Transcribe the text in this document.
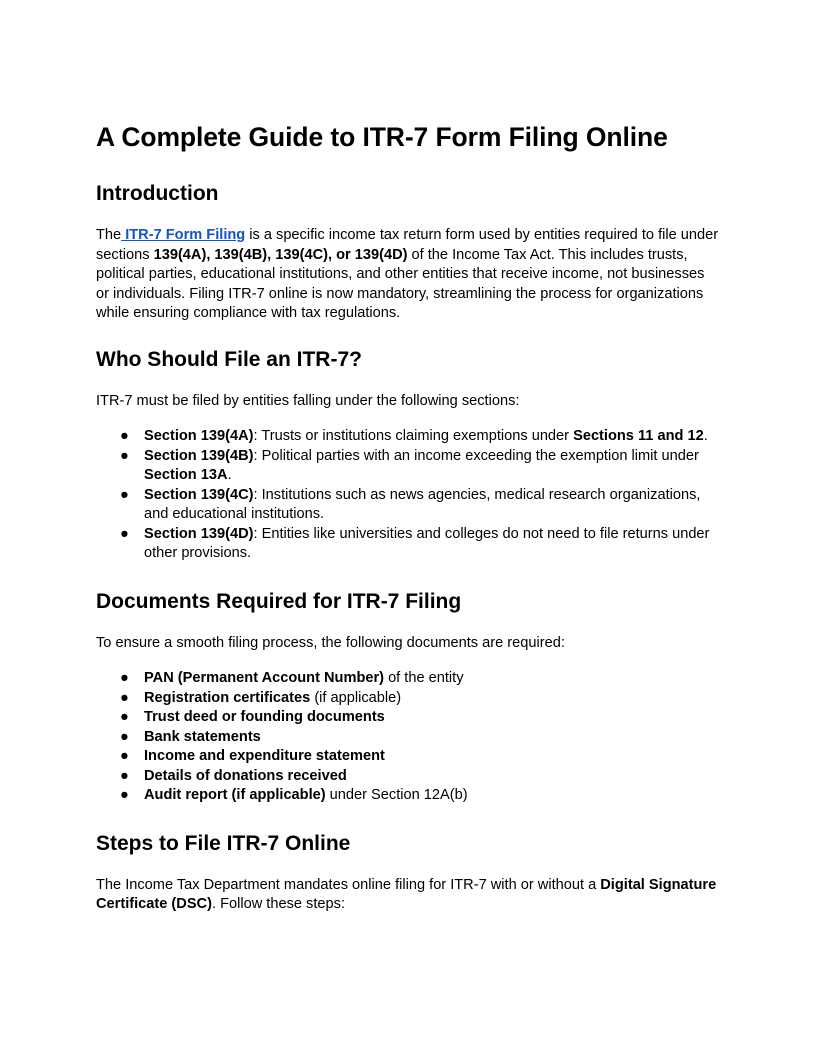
A Complete Guide to ITR-7 Form Filing Online
Introduction

The ITR-7 Form Filing is a specific income tax return form used by entities required to file under sections 139(4A), 139(4B), 139(4C), or 139(4D) of the Income Tax Act. This includes trusts, political parties, educational institutions, and other entities that receive income, not businesses or individuals. Filing ITR-7 online is now mandatory, streamlining the process for organizations while ensuring compliance with tax regulations.

Who Should File an ITR-7?

ITR-7 must be filed by entities falling under the following sections:

● Section 139(4A): Trusts or institutions claiming exemptions under Sections 11 and 12.
● Section 139(4B): Political parties with an income exceeding the exemption limit under Section 13A.
● Section 139(4C): Institutions such as news agencies, medical research organizations, and educational institutions.
● Section 139(4D): Entities like universities and colleges do not need to file returns under other provisions.
Documents Required for ITR-7 Filing

To ensure a smooth filing process, the following documents are required:

● PAN (Permanent Account Number) of the entity
● Registration certificates (if applicable)
● Trust deed or founding documents
● Bank statements
● Income and expenditure statement
● Details of donations received
● Audit report (if applicable) under Section 12A(b)
Steps to File ITR-7 Online

The Income Tax Department mandates online filing for ITR-7 with or without a Digital Signature Certificate (DSC). Follow these steps:
